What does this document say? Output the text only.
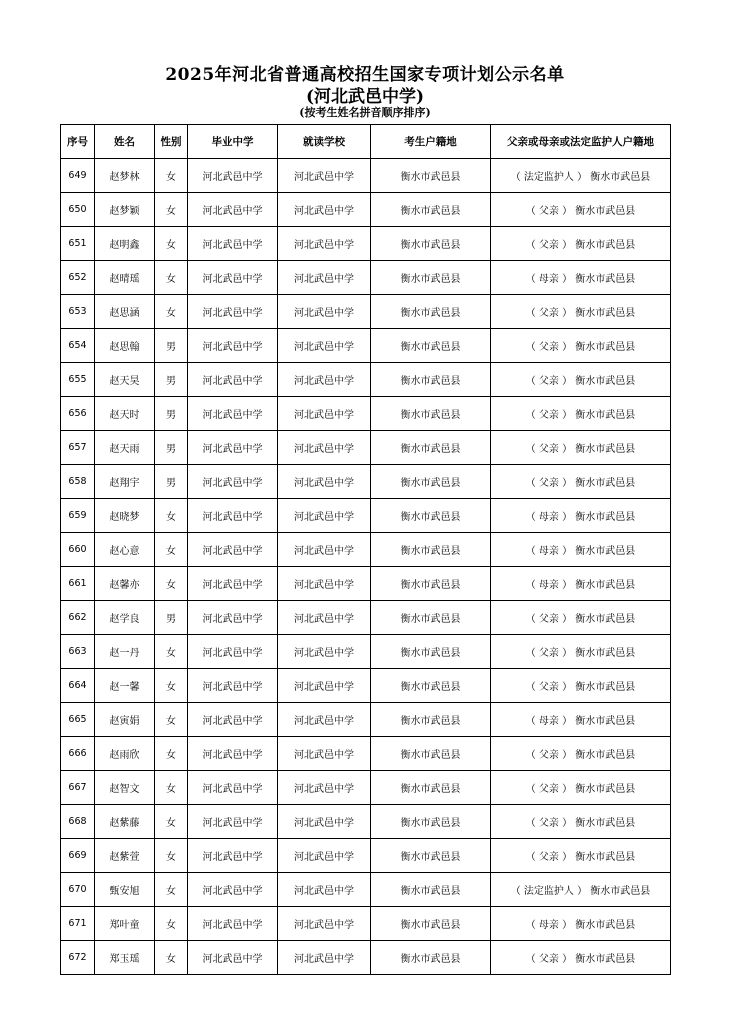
2025年河北省普通高校招生国家专项计划公示名单
(河北武邑中学)
(按考生姓名拼音顺序排序)
序号	姓名	性别	毕业中学	就读学校	考生户籍地	父亲或母亲或法定监护人户籍地
649	赵梦林	女	河北武邑中学	河北武邑中学	衡水市武邑县	（ 法定监护人 ） 衡水市武邑县
650	赵梦颖	女	河北武邑中学	河北武邑中学	衡水市武邑县	（ 父亲 ） 衡水市武邑县
651	赵明鑫	女	河北武邑中学	河北武邑中学	衡水市武邑县	（ 父亲 ） 衡水市武邑县
652	赵晴瑶	女	河北武邑中学	河北武邑中学	衡水市武邑县	（ 母亲 ） 衡水市武邑县
653	赵思涵	女	河北武邑中学	河北武邑中学	衡水市武邑县	（ 父亲 ） 衡水市武邑县
654	赵思翰	男	河北武邑中学	河北武邑中学	衡水市武邑县	（ 父亲 ） 衡水市武邑县
655	赵天昊	男	河北武邑中学	河北武邑中学	衡水市武邑县	（ 父亲 ） 衡水市武邑县
656	赵天时	男	河北武邑中学	河北武邑中学	衡水市武邑县	（ 父亲 ） 衡水市武邑县
657	赵天雨	男	河北武邑中学	河北武邑中学	衡水市武邑县	（ 父亲 ） 衡水市武邑县
658	赵翔宇	男	河北武邑中学	河北武邑中学	衡水市武邑县	（ 父亲 ） 衡水市武邑县
659	赵晓梦	女	河北武邑中学	河北武邑中学	衡水市武邑县	（ 母亲 ） 衡水市武邑县
660	赵心意	女	河北武邑中学	河北武邑中学	衡水市武邑县	（ 母亲 ） 衡水市武邑县
661	赵馨亦	女	河北武邑中学	河北武邑中学	衡水市武邑县	（ 母亲 ） 衡水市武邑县
662	赵学良	男	河北武邑中学	河北武邑中学	衡水市武邑县	（ 父亲 ） 衡水市武邑县
663	赵一丹	女	河北武邑中学	河北武邑中学	衡水市武邑县	（ 父亲 ） 衡水市武邑县
664	赵一馨	女	河北武邑中学	河北武邑中学	衡水市武邑县	（ 父亲 ） 衡水市武邑县
665	赵寅娟	女	河北武邑中学	河北武邑中学	衡水市武邑县	（ 母亲 ） 衡水市武邑县
666	赵雨欣	女	河北武邑中学	河北武邑中学	衡水市武邑县	（ 父亲 ） 衡水市武邑县
667	赵智文	女	河北武邑中学	河北武邑中学	衡水市武邑县	（ 父亲 ） 衡水市武邑县
668	赵紫藤	女	河北武邑中学	河北武邑中学	衡水市武邑县	（ 父亲 ） 衡水市武邑县
669	赵紫萱	女	河北武邑中学	河北武邑中学	衡水市武邑县	（ 父亲 ） 衡水市武邑县
670	甄安旭	女	河北武邑中学	河北武邑中学	衡水市武邑县	（ 法定监护人 ） 衡水市武邑县
671	郑叶童	女	河北武邑中学	河北武邑中学	衡水市武邑县	（ 母亲 ） 衡水市武邑县
672	郑玉瑶	女	河北武邑中学	河北武邑中学	衡水市武邑县	（ 父亲 ） 衡水市武邑县
